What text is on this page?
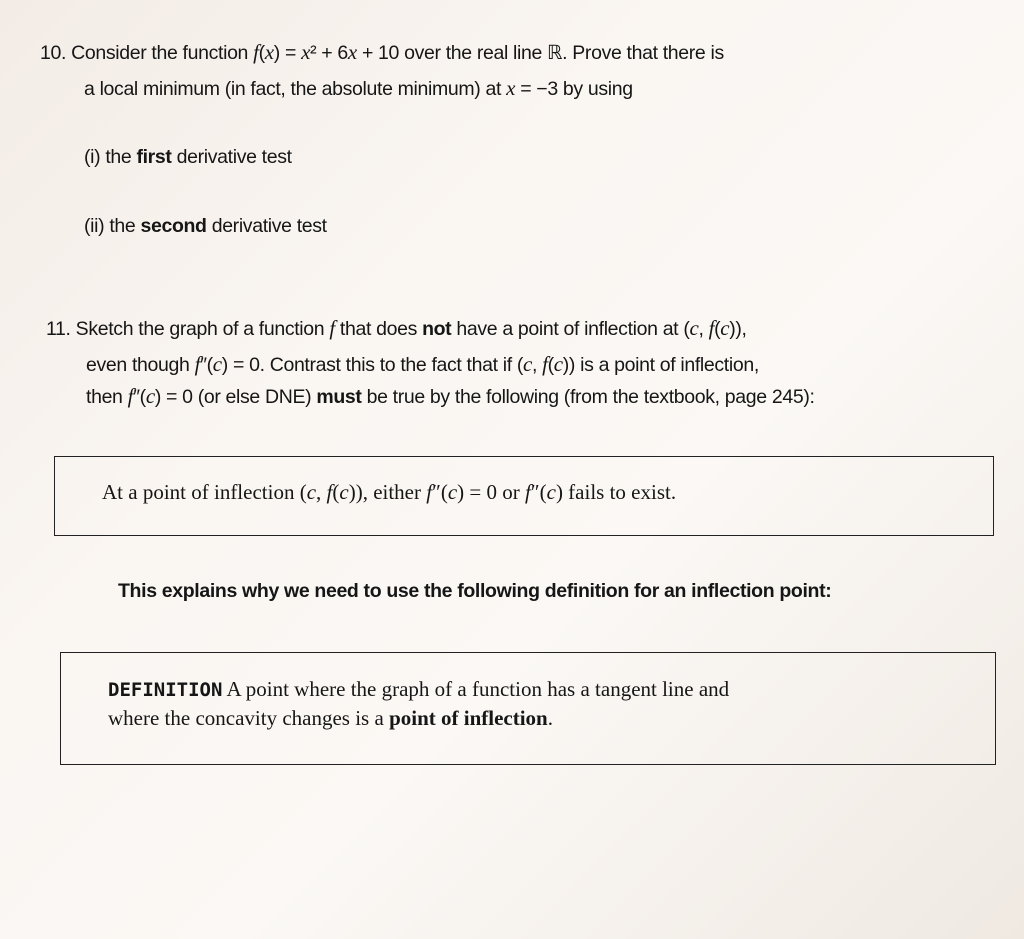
10. Consider the function f(x) = x² + 6x + 10 over the real line ℝ. Prove that there is
a local minimum (in fact, the absolute minimum) at x = −3 by using
(i) the first derivative test
(ii) the second derivative test
11. Sketch the graph of a function f that does not have a point of inflection at (c, f(c)),
even though f″(c) = 0. Contrast this to the fact that if (c, f(c)) is a point of inflection,
then f″(c) = 0 (or else DNE) must be true by the following (from the textbook, page 245):
At a point of inflection (c, f(c)), either f″(c) = 0 or f″(c) fails to exist.
This explains why we need to use the following definition for an inflection point:
DEFINITION A point where the graph of a function has a tangent line and
where the concavity changes is a point of inflection.
